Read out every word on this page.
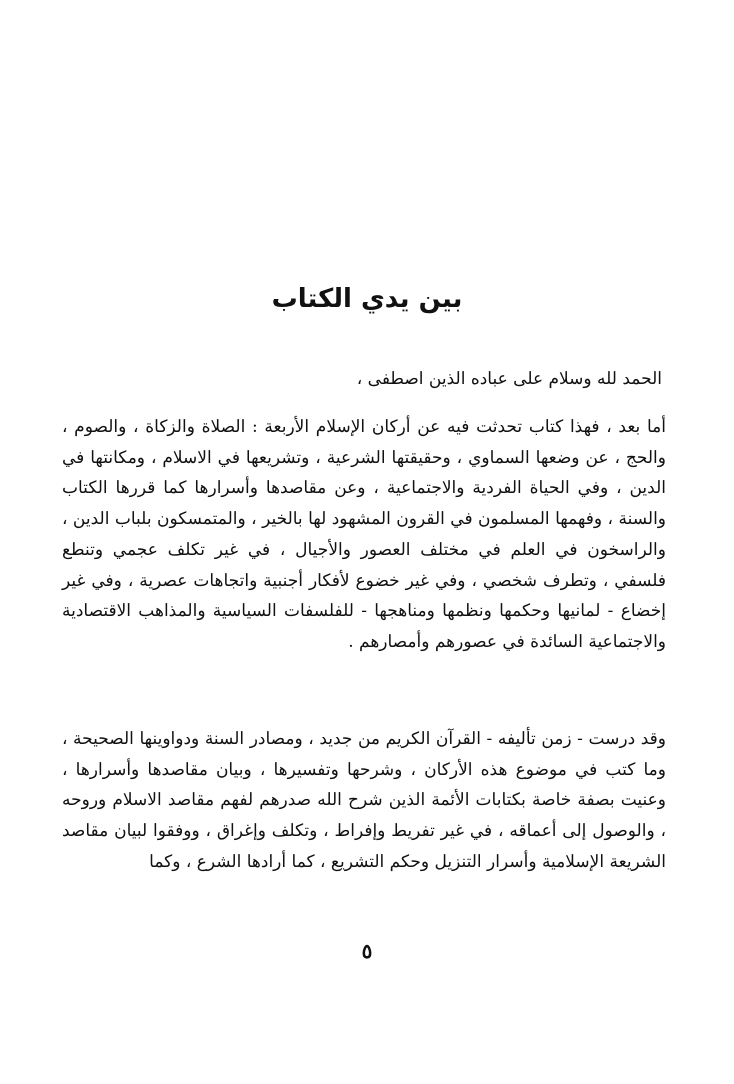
بين يدي الكتاب
الحمد لله وسلام على عباده الذين اصطفى ،
أما بعد ، فهذا كتاب تحدثت فيه عن أركان الإسلام الأربعة : الصلاة والزكاة ، والصوم ، والحج ، عن وضعها السماوي ، وحقيقتها الشرعية ، وتشريعها في الاسلام ، ومكانتها في الدين ، وفي الحياة الفردية والاجتماعية ، وعن مقاصدها وأسرارها كما قررها الكتاب والسنة ، وفهمها المسلمون في القرون المشهود لها بالخير ، والمتمسكون بلباب الدين ، والراسخون في العلم في مختلف العصور والأجيال ، في غير تكلف عجمي وتنطع فلسفي ، وتطرف شخصي ، وفي غير خضوع لأفكار أجنبية واتجاهات عصرية ، وفي غير إخضاع - لمانيها وحكمها ونظمها ومناهجها - للفلسفات السياسية والمذاهب الاقتصادية والاجتماعية السائدة في عصورهم وأمصارهم .
وقد درست - زمن تأليفه - القرآن الكريم من جديد ، ومصادر السنة ودواوينها الصحيحة ، وما كتب في موضوع هذه الأركان ، وشرحها وتفسيرها ، وبيان مقاصدها وأسرارها ، وعنيت بصفة خاصة بكتابات الأئمة الذين شرح الله صدرهم لفهم مقاصد الاسلام وروحه ، والوصول إلى أعماقه ، في غير تفريط وإفراط ، وتكلف وإغراق ، ووفقوا لبيان مقاصد الشريعة الإسلامية وأسرار التنزيل وحكم التشريع ، كما أرادها الشرع ، وكما
٥
